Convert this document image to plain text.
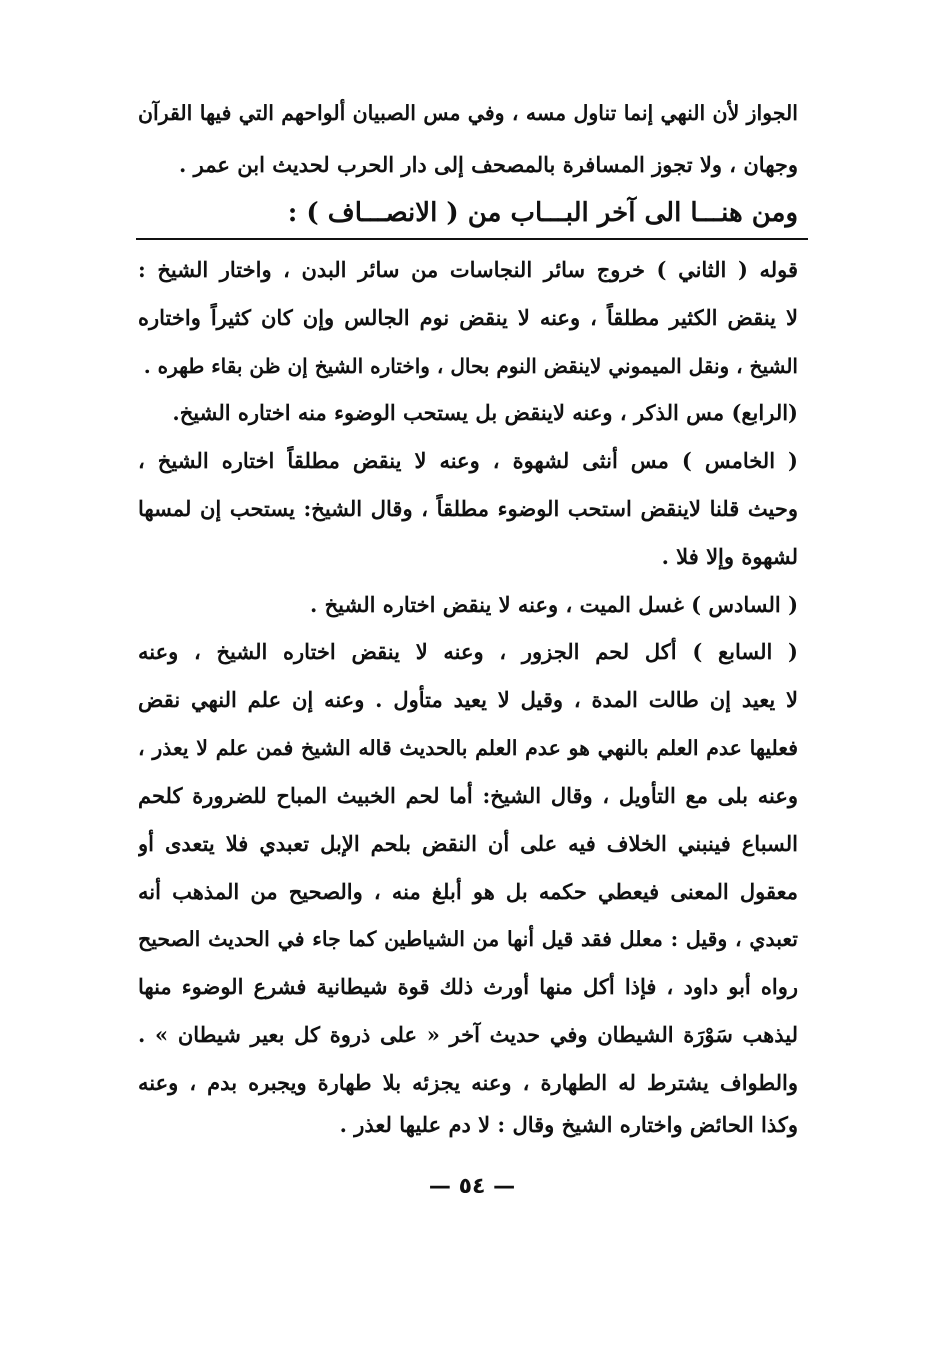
الجواز لأن النهي إنما تناول مسه ، وفي مس الصبيان ألواحهم التي فيها القرآن
وجهان ، ولا تجوز المسافرة بالمصحف إلى دار الحرب لحديث ابن عمر .
ومن هنـــا الى آخر البـــاب من ( الانصـــاف ) :
قوله ( الثاني ) خروج سائر النجاسات من سائر البدن ، واختار الشيخ :
لا ينقض الكثير مطلقاً ، وعنه لا ينقض نوم الجالس وإن كان كثيراً واختاره
الشيخ ، ونقل الميموني لاينقض النوم بحال ، واختاره الشيخ إن ظن بقاء طهره .
(الرابع) مس الذكر ، وعنه لاينقض بل يستحب الوضوء منه اختاره الشيخ.
( الخامس ) مس أنثى لشهوة ، وعنه لا ينقض مطلقاً اختاره الشيخ ،
وحيث قلنا لاينقض استحب الوضوء مطلقاً ، وقال الشيخ: يستحب إن لمسها
لشهوة وإلا فلا .
( السادس ) غسل الميت ، وعنه لا ينقض اختاره الشيخ .
( السابع ) أكل لحم الجزور ، وعنه لا ينقض اختاره الشيخ ، وعنه
لا يعيد إن طالت المدة ، وقيل لا يعيد متأول . وعنه إن علم النهي نقض
فعليها عدم العلم بالنهي هو عدم العلم بالحديث قاله الشيخ فمن علم لا يعذر ،
وعنه بلى مع التأويل ، وقال الشيخ: أما لحم الخبيث المباح للضرورة كلحم
السباع فينبني الخلاف فيه على أن النقض بلحم الإبل تعبدي فلا يتعدى أو
معقول المعنى فيعطي حكمه بل هو أبلغ منه ، والصحيح من المذهب أنه
تعبدي ، وقيل : معلل فقد قيل أنها من الشياطين كما جاء في الحديث الصحيح
رواه أبو داود ، فإذا أكل منها أورث ذلك قوة شيطانية فشرع الوضوء منها
ليذهب سَوْرَة الشيطان وفي حديث آخر « على ذروة كل بعير شيطان » .
والطواف يشترط له الطهارة ، وعنه يجزئه بلا طهارة ويجبره بدم ، وعنه
وكذا الحائض واختاره الشيخ وقال : لا دم عليها لعذر .
— ٥٤ —
